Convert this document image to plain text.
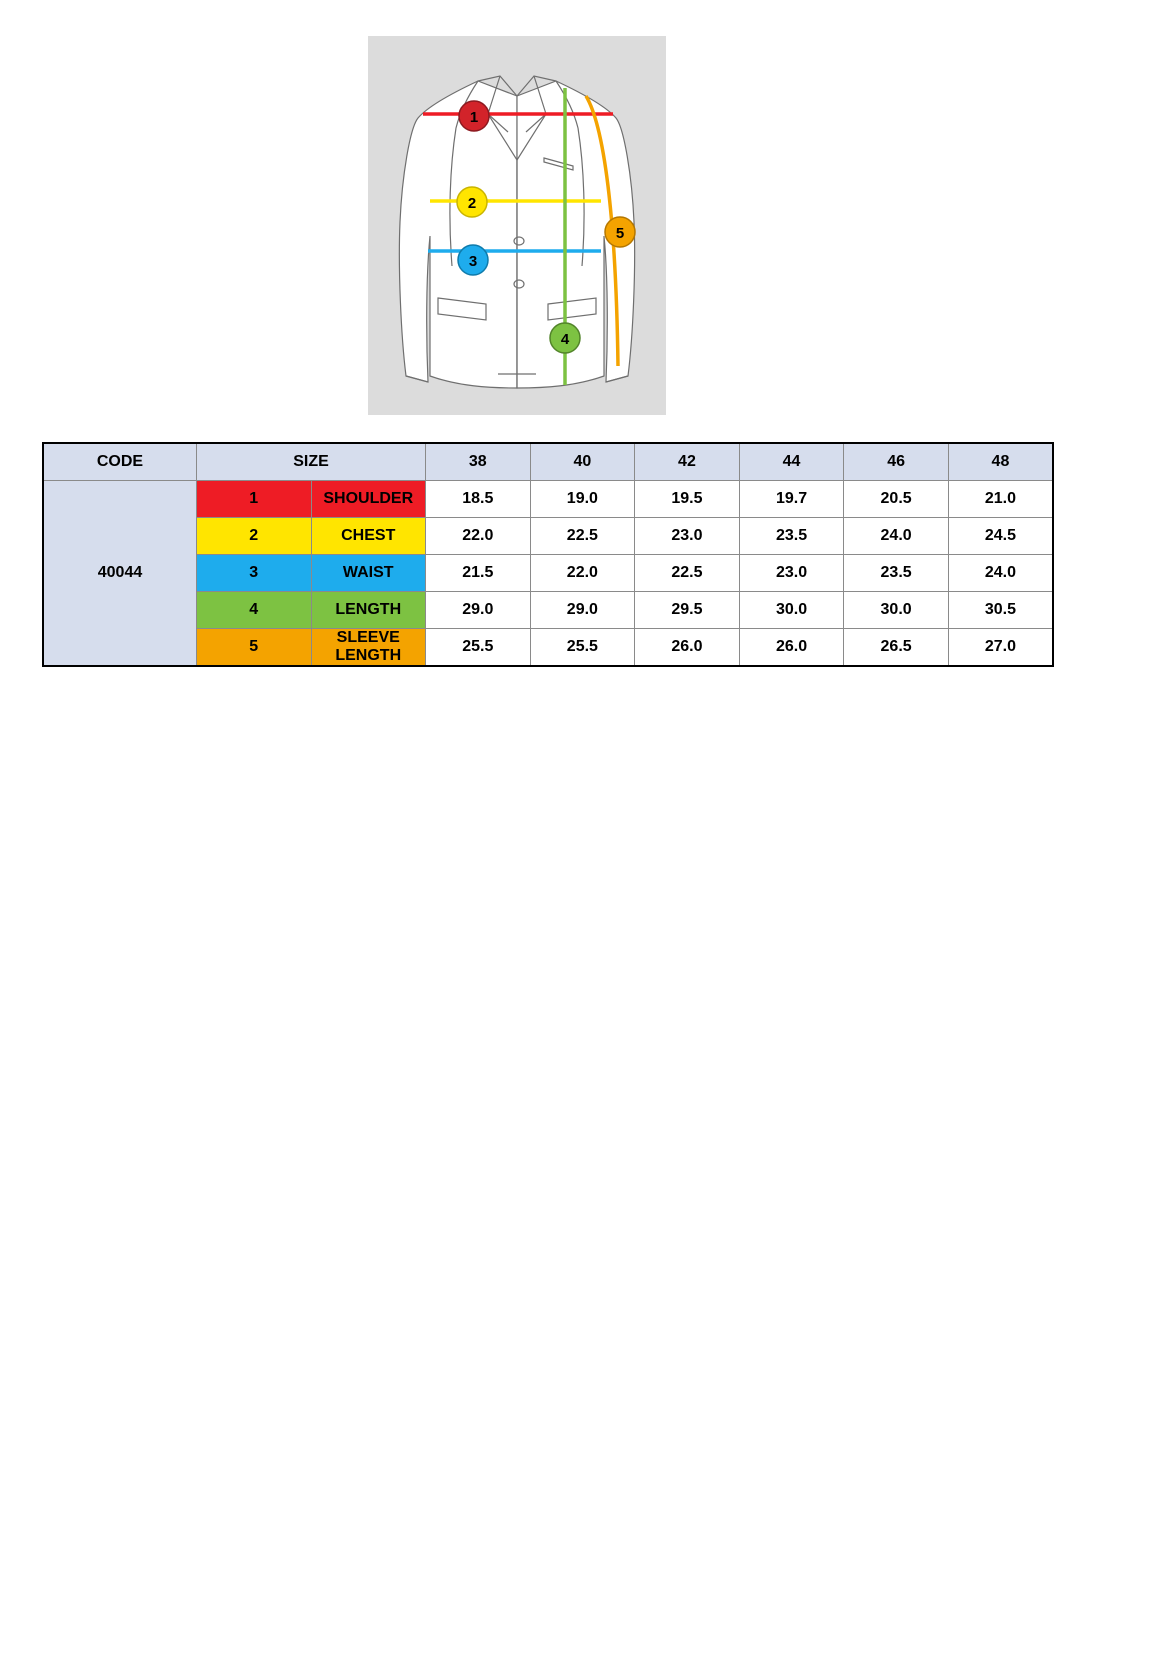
1
2
3
4
5
CODE	SIZE		38	40	42	44	46	48
40044	1	SHOULDER	18.5	19.0	19.5	19.7	20.5	21.0
	2	CHEST	22.0	22.5	23.0	23.5	24.0	24.5
	3	WAIST	21.5	22.0	22.5	23.0	23.5	24.0
	4	LENGTH	29.0	29.0	29.5	30.0	30.0	30.5
	5	SLEEVE LENGTH	25.5	25.5	26.0	26.0	26.5	27.0
